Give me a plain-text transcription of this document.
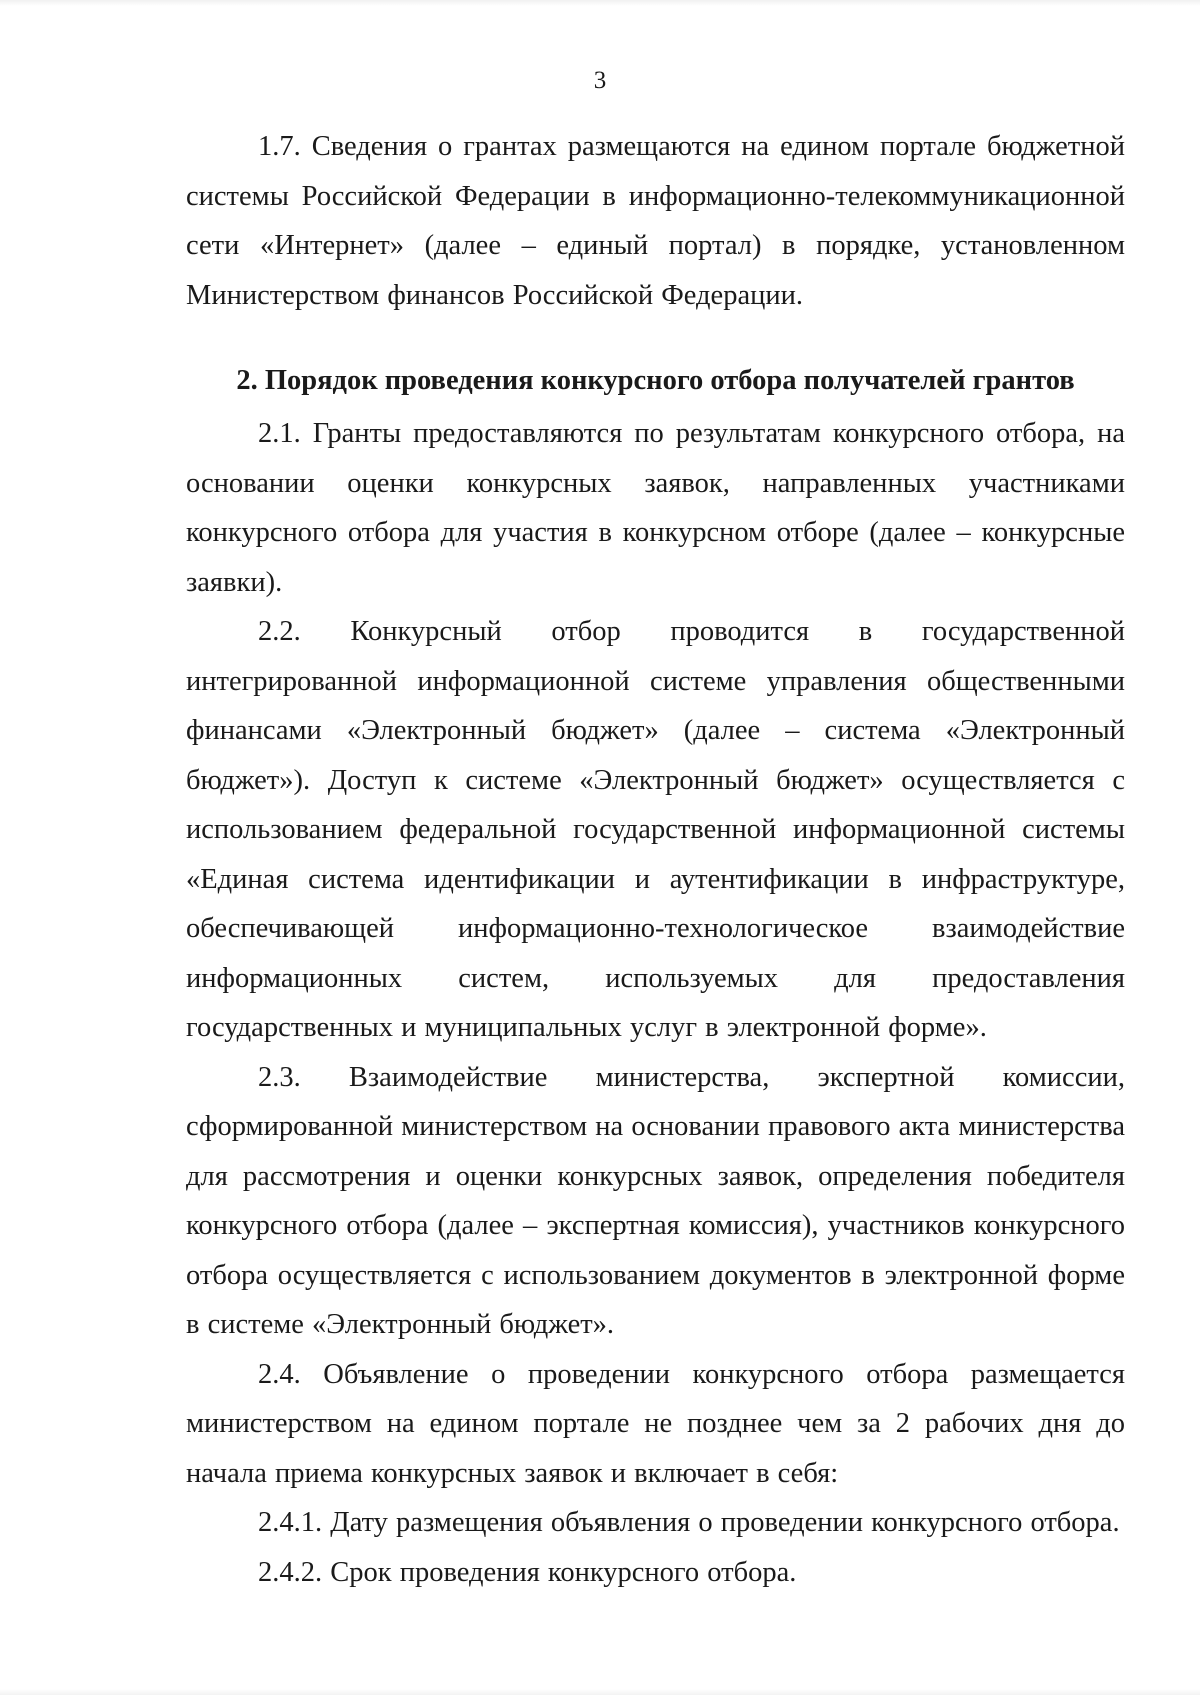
3

1.7. Сведения о грантах размещаются на едином портале бюджетной системы Российской Федерации в информационно-телекоммуникационной сети «Интернет» (далее – единый портал) в порядке, установленном Министерством финансов Российской Федерации.

2. Порядок проведения конкурсного отбора получателей грантов

2.1. Гранты предоставляются по результатам конкурсного отбора, на основании оценки конкурсных заявок, направленных участниками конкурсного отбора для участия в конкурсном отборе (далее – конкурсные заявки).

2.2. Конкурсный отбор проводится в государственной интегрированной информационной системе управления общественными финансами «Электронный бюджет» (далее – система «Электронный бюджет»). Доступ к системе «Электронный бюджет» осуществляется с использованием федеральной государственной информационной системы «Единая система идентификации и аутентификации в инфраструктуре, обеспечивающей информационно-технологическое взаимодействие информационных систем, используемых для предоставления государственных и муниципальных услуг в электронной форме».

2.3. Взаимодействие министерства, экспертной комиссии, сформированной министерством на основании правового акта министерства для рассмотрения и оценки конкурсных заявок, определения победителя конкурсного отбора (далее – экспертная комиссия), участников конкурсного отбора осуществляется с использованием документов в электронной форме в системе «Электронный бюджет».

2.4. Объявление о проведении конкурсного отбора размещается министерством на едином портале не позднее чем за 2 рабочих дня до начала приема конкурсных заявок и включает в себя:

2.4.1. Дату размещения объявления о проведении конкурсного отбора.

2.4.2. Срок проведения конкурсного отбора.
